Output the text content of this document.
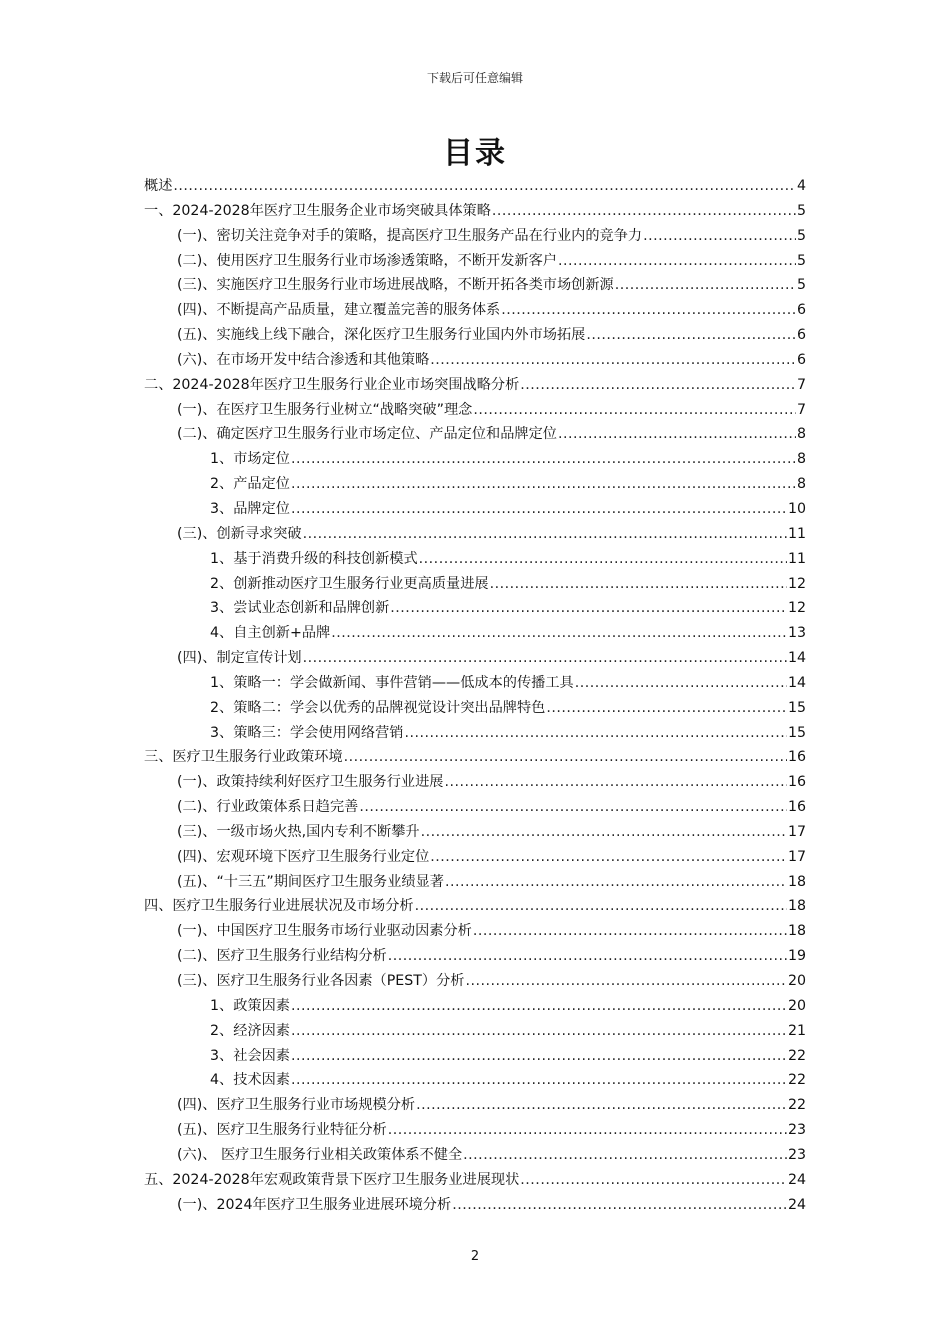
下载后可任意编辑
目录
概述 .....	4
一、2024-2028年医疗卫生服务企业市场突破具体策略 .....	5
(一)、密切关注竞争对手的策略，提高医疗卫生服务产品在行业内的竞争力 .....	5
(二)、使用医疗卫生服务行业市场渗透策略，不断开发新客户 .....	5
(三)、实施医疗卫生服务行业市场进展战略，不断开拓各类市场创新源 .....	5
(四)、不断提高产品质量，建立覆盖完善的服务体系 .....	6
(五)、实施线上线下融合，深化医疗卫生服务行业国内外市场拓展 .....	6
(六)、在市场开发中结合渗透和其他策略 .....	6
二、2024-2028年医疗卫生服务行业企业市场突围战略分析 .....	7
(一)、在医疗卫生服务行业树立“战略突破”理念 .....	7
(二)、确定医疗卫生服务行业市场定位、产品定位和品牌定位 .....	8
1、市场定位 .....	8
2、产品定位 .....	8
3、品牌定位 .....	10
(三)、创新寻求突破 .....	11
1、基于消费升级的科技创新模式 .....	11
2、创新推动医疗卫生服务行业更高质量进展 .....	12
3、尝试业态创新和品牌创新 .....	12
4、自主创新+品牌 .....	13
(四)、制定宣传计划 .....	14
1、策略一：学会做新闻、事件营销——低成本的传播工具 .....	14
2、策略二：学会以优秀的品牌视觉设计突出品牌特色 .....	15
3、策略三：学会使用网络营销 .....	15
三、医疗卫生服务行业政策环境 .....	16
(一)、政策持续利好医疗卫生服务行业进展 .....	16
(二)、行业政策体系日趋完善 .....	16
(三)、一级市场火热,国内专利不断攀升 .....	17
(四)、宏观环境下医疗卫生服务行业定位 .....	17
(五)、“十三五”期间医疗卫生服务业绩显著 .....	18
四、医疗卫生服务行业进展状况及市场分析 .....	18
(一)、中国医疗卫生服务市场行业驱动因素分析 .....	18
(二)、医疗卫生服务行业结构分析 .....	19
(三)、医疗卫生服务行业各因素（PEST）分析 .....	20
1、政策因素 .....	20
2、经济因素 .....	21
3、社会因素 .....	22
4、技术因素 .....	22
(四)、医疗卫生服务行业市场规模分析 .....	22
(五)、医疗卫生服务行业特征分析 .....	23
(六)、 医疗卫生服务行业相关政策体系不健全 .....	23
五、2024-2028年宏观政策背景下医疗卫生服务业进展现状 .....	24
(一)、2024年医疗卫生服务业进展环境分析 .....	24
2
